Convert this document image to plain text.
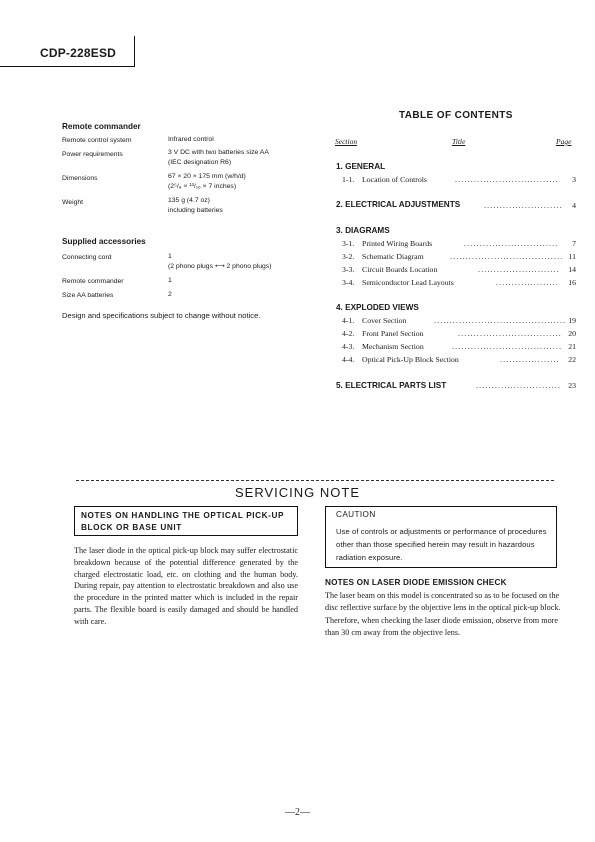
CDP-228ESD
Remote commander
Remote control system	Infrared control
Power requirements	3 V DC with two batteries size AA
(IEC designation R6)
Dimensions	67 × 20 × 175 mm (w/h/d)
(2⁵/₈ × ¹³/₁₆ × 7 inches)
Weight	135 g (4.7 oz)
including batteries
Supplied accessories
Connecting cord	1
(2 phono plugs ⟷ 2 phono plugs)
Remote commander	1
Size AA batteries	2
Design and specifications subject to change without notice.
TABLE OF CONTENTS
Section	Title	Page
1. GENERAL
1-1. Location of Controls	.................................	3
2. ELECTRICAL ADJUSTMENTS	.........................	4
3. DIAGRAMS
3-1. Printed Wiring Boards	..............................	7
3-2. Schematic Diagram	.................................... 11
3-3. Circuit Boards Location	..........................	14
3-4. Semiconductor Lead Layouts	....................	16
4. EXPLODED VIEWS
4-1. Cover Section	.......................................... 19
4-2. Front Panel Section	................................. 20
4-3. Mechanism Section	................................... 21
4-4. Optical Pick-Up Block Section	...................	22
5. ELECTRICAL PARTS LIST	........................... 23
SERVICING NOTE
NOTES ON HANDLING THE OPTICAL PICK-UP BLOCK OR BASE UNIT
The laser diode in the optical pick-up block may suffer electrostatic breakdown because of the potential difference generated by the charged electrostatic load, etc. on clothing and the human body. During repair, pay attention to electrostatic breakdown and also use the procedure in the printed matter which is included in the repair parts. The flexible board is easily damaged and should be handled with care.
CAUTION
Use of controls or adjustments or performance of procedures other than those specified herein may result in hazardous radiation exposure.
NOTES ON LASER DIODE EMISSION CHECK
The laser beam on this model is concentrated so as to be focused on the disc reflective surface by the objective lens in the optical pick-up block. Therefore, when checking the laser diode emission, observe from more than 30 cm away from the objective lens.
—2—
